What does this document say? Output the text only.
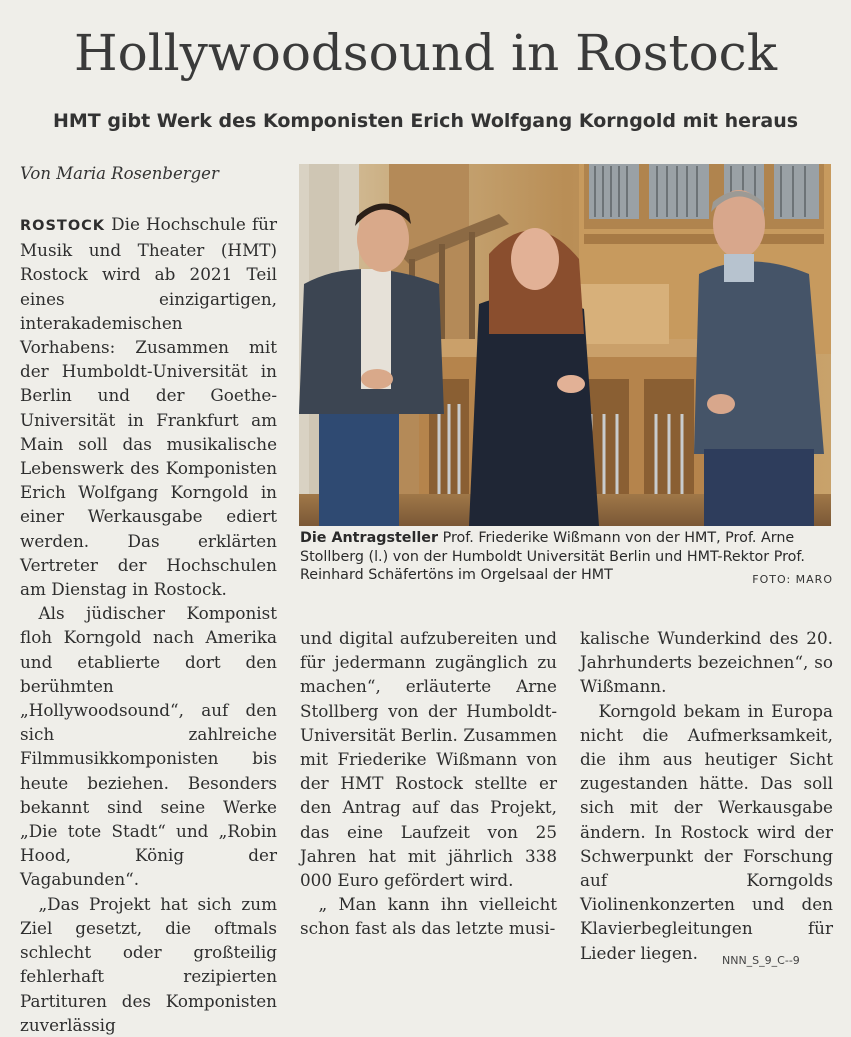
Hollywoodsound in Rostock
HMT gibt Werk des Komponisten Erich Wolfgang Korngold mit heraus
Von Maria Rosenberger

ROSTOCK Die Hochschule für Musik und Theater (HMT) Rostock wird ab 2021 Teil eines einzigartigen, interakademischen Vorhabens: Zusammen mit der Humboldt-Universität in Berlin und der Goethe-Universität in Frankfurt am Main soll das musikalische Lebenswerk des Komponisten Erich Wolfgang Korngold in einer Werkausgabe ediert werden. Das erklärten Vertreter der Hochschulen am Dienstag in Rostock.

Als jüdischer Komponist floh Korngold nach Amerika und etablierte dort den berühmten „Hollywoodsound“, auf den sich zahlreiche Filmmusikkomponisten bis heute beziehen. Besonders bekannt sind seine Werke „Die tote Stadt“ und „Robin Hood, König der Vagabunden“.

„Das Projekt hat sich zum Ziel gesetzt, die oftmals schlecht oder großteilig fehlerhaft rezipierten Partituren des Komponisten zuverlässig

Die Antragsteller Prof. Friederike Wißmann von der HMT, Prof. Arne Stollberg (l.) von der Humboldt Universität Berlin und HMT-Rektor Prof. Reinhard Schäfertöns im Orgelsaal der HMT	FOTO: MARO

und digital aufzubereiten und für jedermann zugänglich zu machen“, erläuterte Arne Stollberg von der Humboldt-Universität Berlin. Zusammen mit Friederike Wißmann von der HMT Rostock stellte er den Antrag auf das Projekt, das eine Laufzeit von 25 Jahren hat mit jährlich 338 000 Euro gefördert wird.

„ Man kann ihn vielleicht schon fast als das letzte musi-

kalische Wunderkind des 20. Jahrhunderts bezeichnen“, so Wißmann.

Korngold bekam in Europa nicht die Aufmerksamkeit, die ihm aus heutiger Sicht zugestanden hätte. Das soll sich mit der Werkausgabe ändern. In Rostock wird der Schwerpunkt der Forschung auf Korngolds Violinenkonzerten und den Klavierbegleitungen für Lieder liegen.	NNN_S_9_C--9
